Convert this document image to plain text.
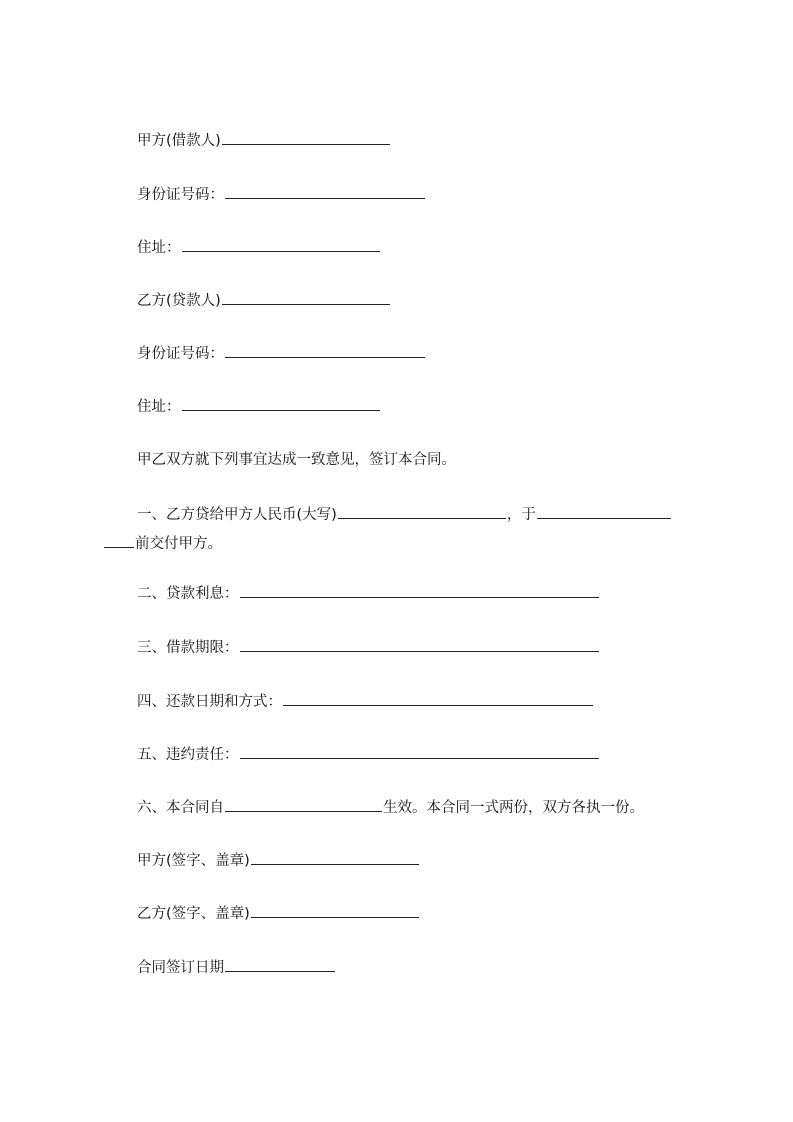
甲方(借款人)
身份证号码：
住址：
乙方(贷款人)
身份证号码：
住址：
甲乙双方就下列事宜达成一致意见，签订本合同。
一、乙方贷给甲方人民币(大写)	，于
前交付甲方。
二、贷款利息：
三、借款期限：
四、还款日期和方式：
五、违约责任：
六、本合同自	生效。本合同一式两份，双方各执一份。
甲方(签字、盖章)
乙方(签字、盖章)
合同签订日期
